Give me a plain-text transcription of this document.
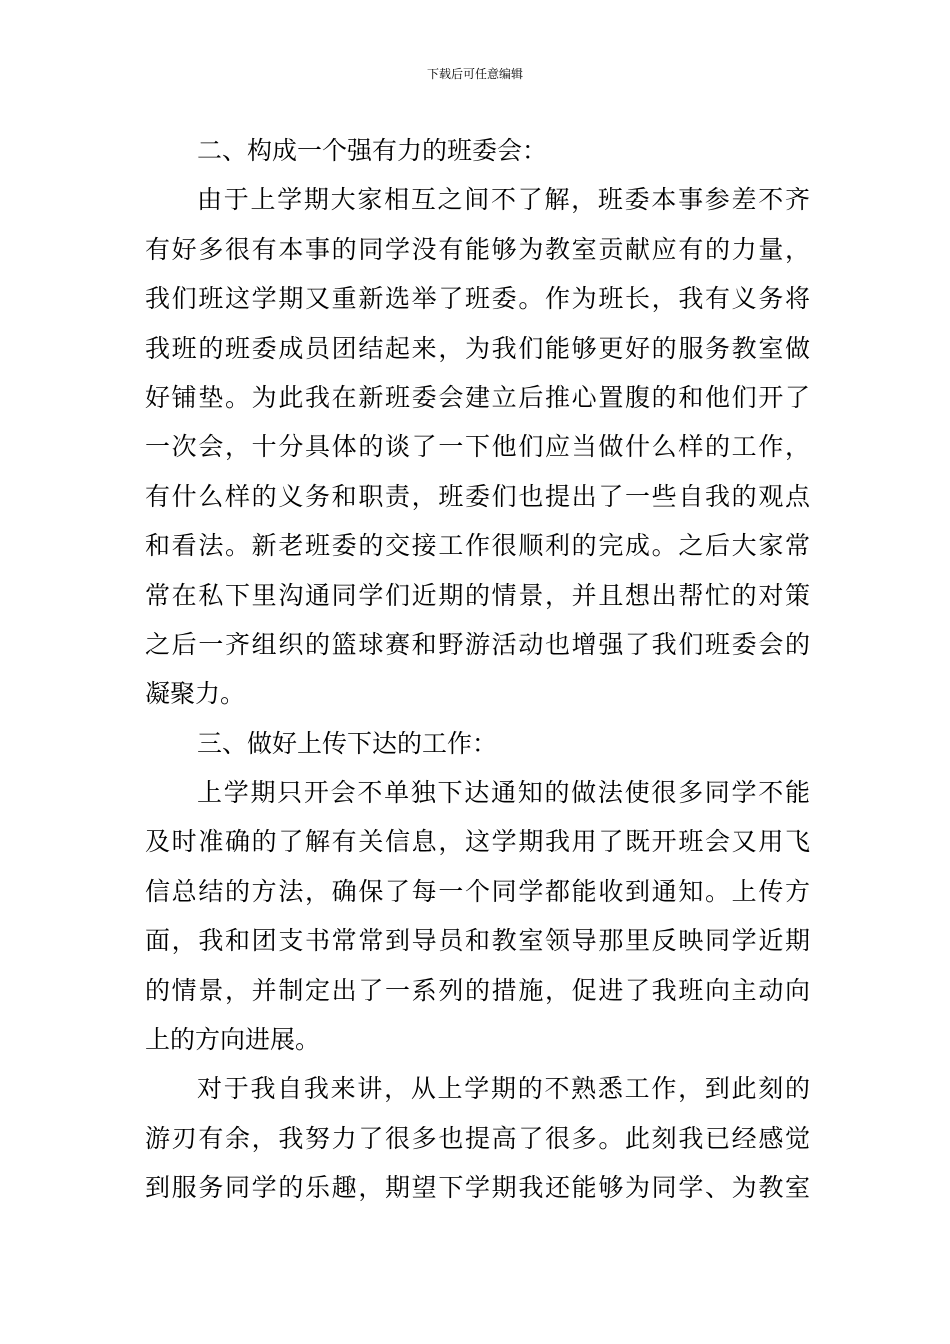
下载后可任意编辑
二、构成一个强有力的班委会：
由于上学期大家相互之间不了解，班委本事参差不齐
有好多很有本事的同学没有能够为教室贡献应有的力量，
我们班这学期又重新选举了班委。作为班长，我有义务将
我班的班委成员团结起来，为我们能够更好的服务教室做
好铺垫。为此我在新班委会建立后推心置腹的和他们开了
一次会，十分具体的谈了一下他们应当做什么样的工作，
有什么样的义务和职责，班委们也提出了一些自我的观点
和看法。新老班委的交接工作很顺利的完成。之后大家常
常在私下里沟通同学们近期的情景，并且想出帮忙的对策
之后一齐组织的篮球赛和野游活动也增强了我们班委会的
凝聚力。
三、做好上传下达的工作：
上学期只开会不单独下达通知的做法使很多同学不能
及时准确的了解有关信息，这学期我用了既开班会又用飞
信总结的方法，确保了每一个同学都能收到通知。上传方
面，我和团支书常常到导员和教室领导那里反映同学近期
的情景，并制定出了一系列的措施，促进了我班向主动向
上的方向进展。
对于我自我来讲，从上学期的不熟悉工作，到此刻的
游刃有余，我努力了很多也提高了很多。此刻我已经感觉
到服务同学的乐趣，期望下学期我还能够为同学、为教室
